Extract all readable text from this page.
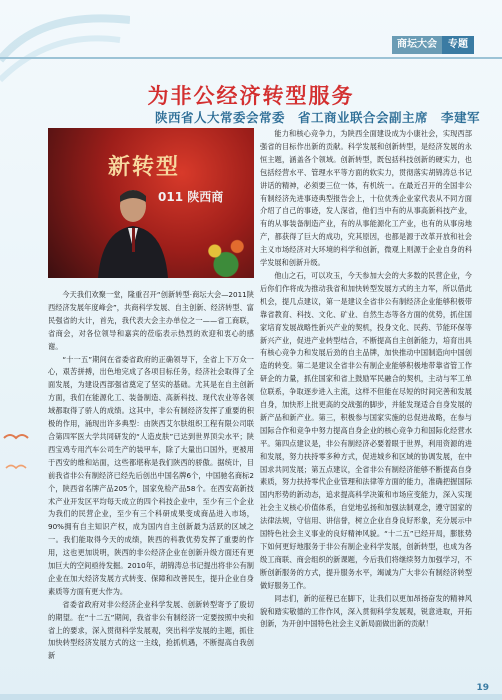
商坛大会	专题
为非公经济转型服务
陕西省人大常委会常委　省工商业联合会副主席　李建军
新转型
011 陕西商

今天我们欢聚一堂，隆重召开“创新转型·商坛大会—2011陕西经济发展年度峰会”，共商科学发展、自主创新、经济转型、富民强省的大计，首先，我代表大会主办单位之一——省工商联，省商会，对各位领导和嘉宾的莅临表示热烈的欢迎和衷心的感谢。

“十一五”期间在省委省政府的正确领导下，全省上下万众一心，艰苦拼搏，出色地完成了各项目标任务，经济社会取得了全面发展，为建设西部强省奠定了坚实的基础。尤其是在自主创新方面，我们在能源化工、装备制造、高新科技、现代农业等各领域都取得了骄人的成绩。这其中，非公有制经济发挥了重要的积极的作用，涌现出许多典型：由陕西艾尔肤组织工程有限公司联合第四军医大学共同研发的“人造皮肤”已达到世界顶尖水平；陕西宝鸡专用汽车公司生产的装甲车，除了大量出口国外，更被用于西安的维和站面，这些都堪称是我们陕西的骄傲。据统计，目前我省非公有制经济已经先后创出中国名牌6个，中国驰名商标2个，陕西省名牌产品205个，国家免检产品58个。在西安高新技术产业开发区平均每天成立的四个科技企业中，至少有三个企业为我们的民营企业，至少有三个科研成果变成商品进入市场，90%拥有自主知识产权，成为国内自主创新最为活跃的区域之一。我们能取得今天的成绩，陕西的科教优势发挥了重要的作用，这也更加说明，陕西的非公经济企业在创新升级方面还有更加巨大的空间亟待发掘。2010年，胡锦涛总书记提出将非公有制企业在加大经济发展方式转变、保障和改善民生，提升企业自身素质等方面有更大作为。

省委省政府对非公经济企业科学发展、创新转型寄予了殷切的期望。在“十二五”期间，我省非公有制经济一定要按照中央和省上的要求，深入贯彻科学发展观，突出科学发展的主题，抓住加快转型经济发展方式的这一主线，抢抓机遇，不断提高自我创新

能力和核心竞争力，为陕西全面建设成为小康社会，实现西部强省的目标作出新的贡献。科学发展和创新转型，是经济发展的永恒主题，涵盖各个领域。创新转型，既包括科技创新的硬实力，也包括经营水平、管理水平等方面的软实力，贯彻落实胡锦涛总书记讲话的精神，必须要三位一体，有机统一。在最近召开的全国非公有制经济先进事迹典型报告会上，十位优秀企业家代表从不同方面介绍了自己的事迹，发人深省，他们当中有的从事高新科技产业，有的从事装备制造产业，有的从事能源化工产业，也有的从事房地产，都获得了巨大的成功，究其原因，也都是源于改革开放和社会主义市场经济对大环境的科学和创新，微观上则源于企业自身的科学发展和创新升级。

他山之石，可以攻玉，今天参加大会的大多数的民营企业，今后你们作将成为推动我省和加快转型发展方式的主力军，所以借此机会，提几点建议，第一是建议全省非公有制经济企业能够积极带靠省教育、科技、文化、矿业、自然生态等各方面的优势，抓住国家培育发展战略性新兴产业的契机，投身文化、民药、节能环保等新兴产业，促进产业转型结合，不断提高自主创新能力，培育出具有核心竞争力和发展后劲的自主品牌，加快推动中国制造向中国创造的转变。第二是建议全省非公有制企业能够积极地带靠省管工作研企的力量，抓住国家和省上鼓励军民融合的契机，主动与军工单位联系，争取逐步进入主流，这样不但能在尽短的时间完善和发展自身，加快形上批更高的交战强的脚步，并能发现适合自身发展的新产品和新产业。第三，积极参与国家实施的总促进战略，在参与国际合作和竞争中努力提高自身企业的核心竞争力和国际化经营水平。第四点建议是，非公有制经济必要着眼于世界，利用资源的进和发展，努力扶持零多种方式，促进城乡和区域的协调发展，在中国求共同发展；第五点建议，全省非公有制经济能够不断提高自身素质，努力扶持零代企业管理和法律等方面的能力，准确把握国际国内形势的新动态，追求提高科学决策和市场应变能力，深入实现社会主义核心价值体系，自觉地弘扬和加强法制观念，遵守国家的法律法规，守信用、讲信誉，树立企业自身良好形象，充分展示中国特色社会主义事业的良好精神风貌。“十二五”已经开局，膨胀势下如何更好地服务于非公有制企业科学发展，创新转型，也成为各级工商联、商会组织的新课题，今后我们将继续努力加强学习，不断创新服务的方式，提升服务水平，竭诚为广大非公有制经济转型做好服务工作。

同志们，新的征程已在脚下，让我们以更加昂扬奋发的精神风貌和踏实敬德的工作作风，深入贯彻科学发展观，锐意进取，开拓创新，为开创中国特色社会主义新局面做出新的贡献！

19
